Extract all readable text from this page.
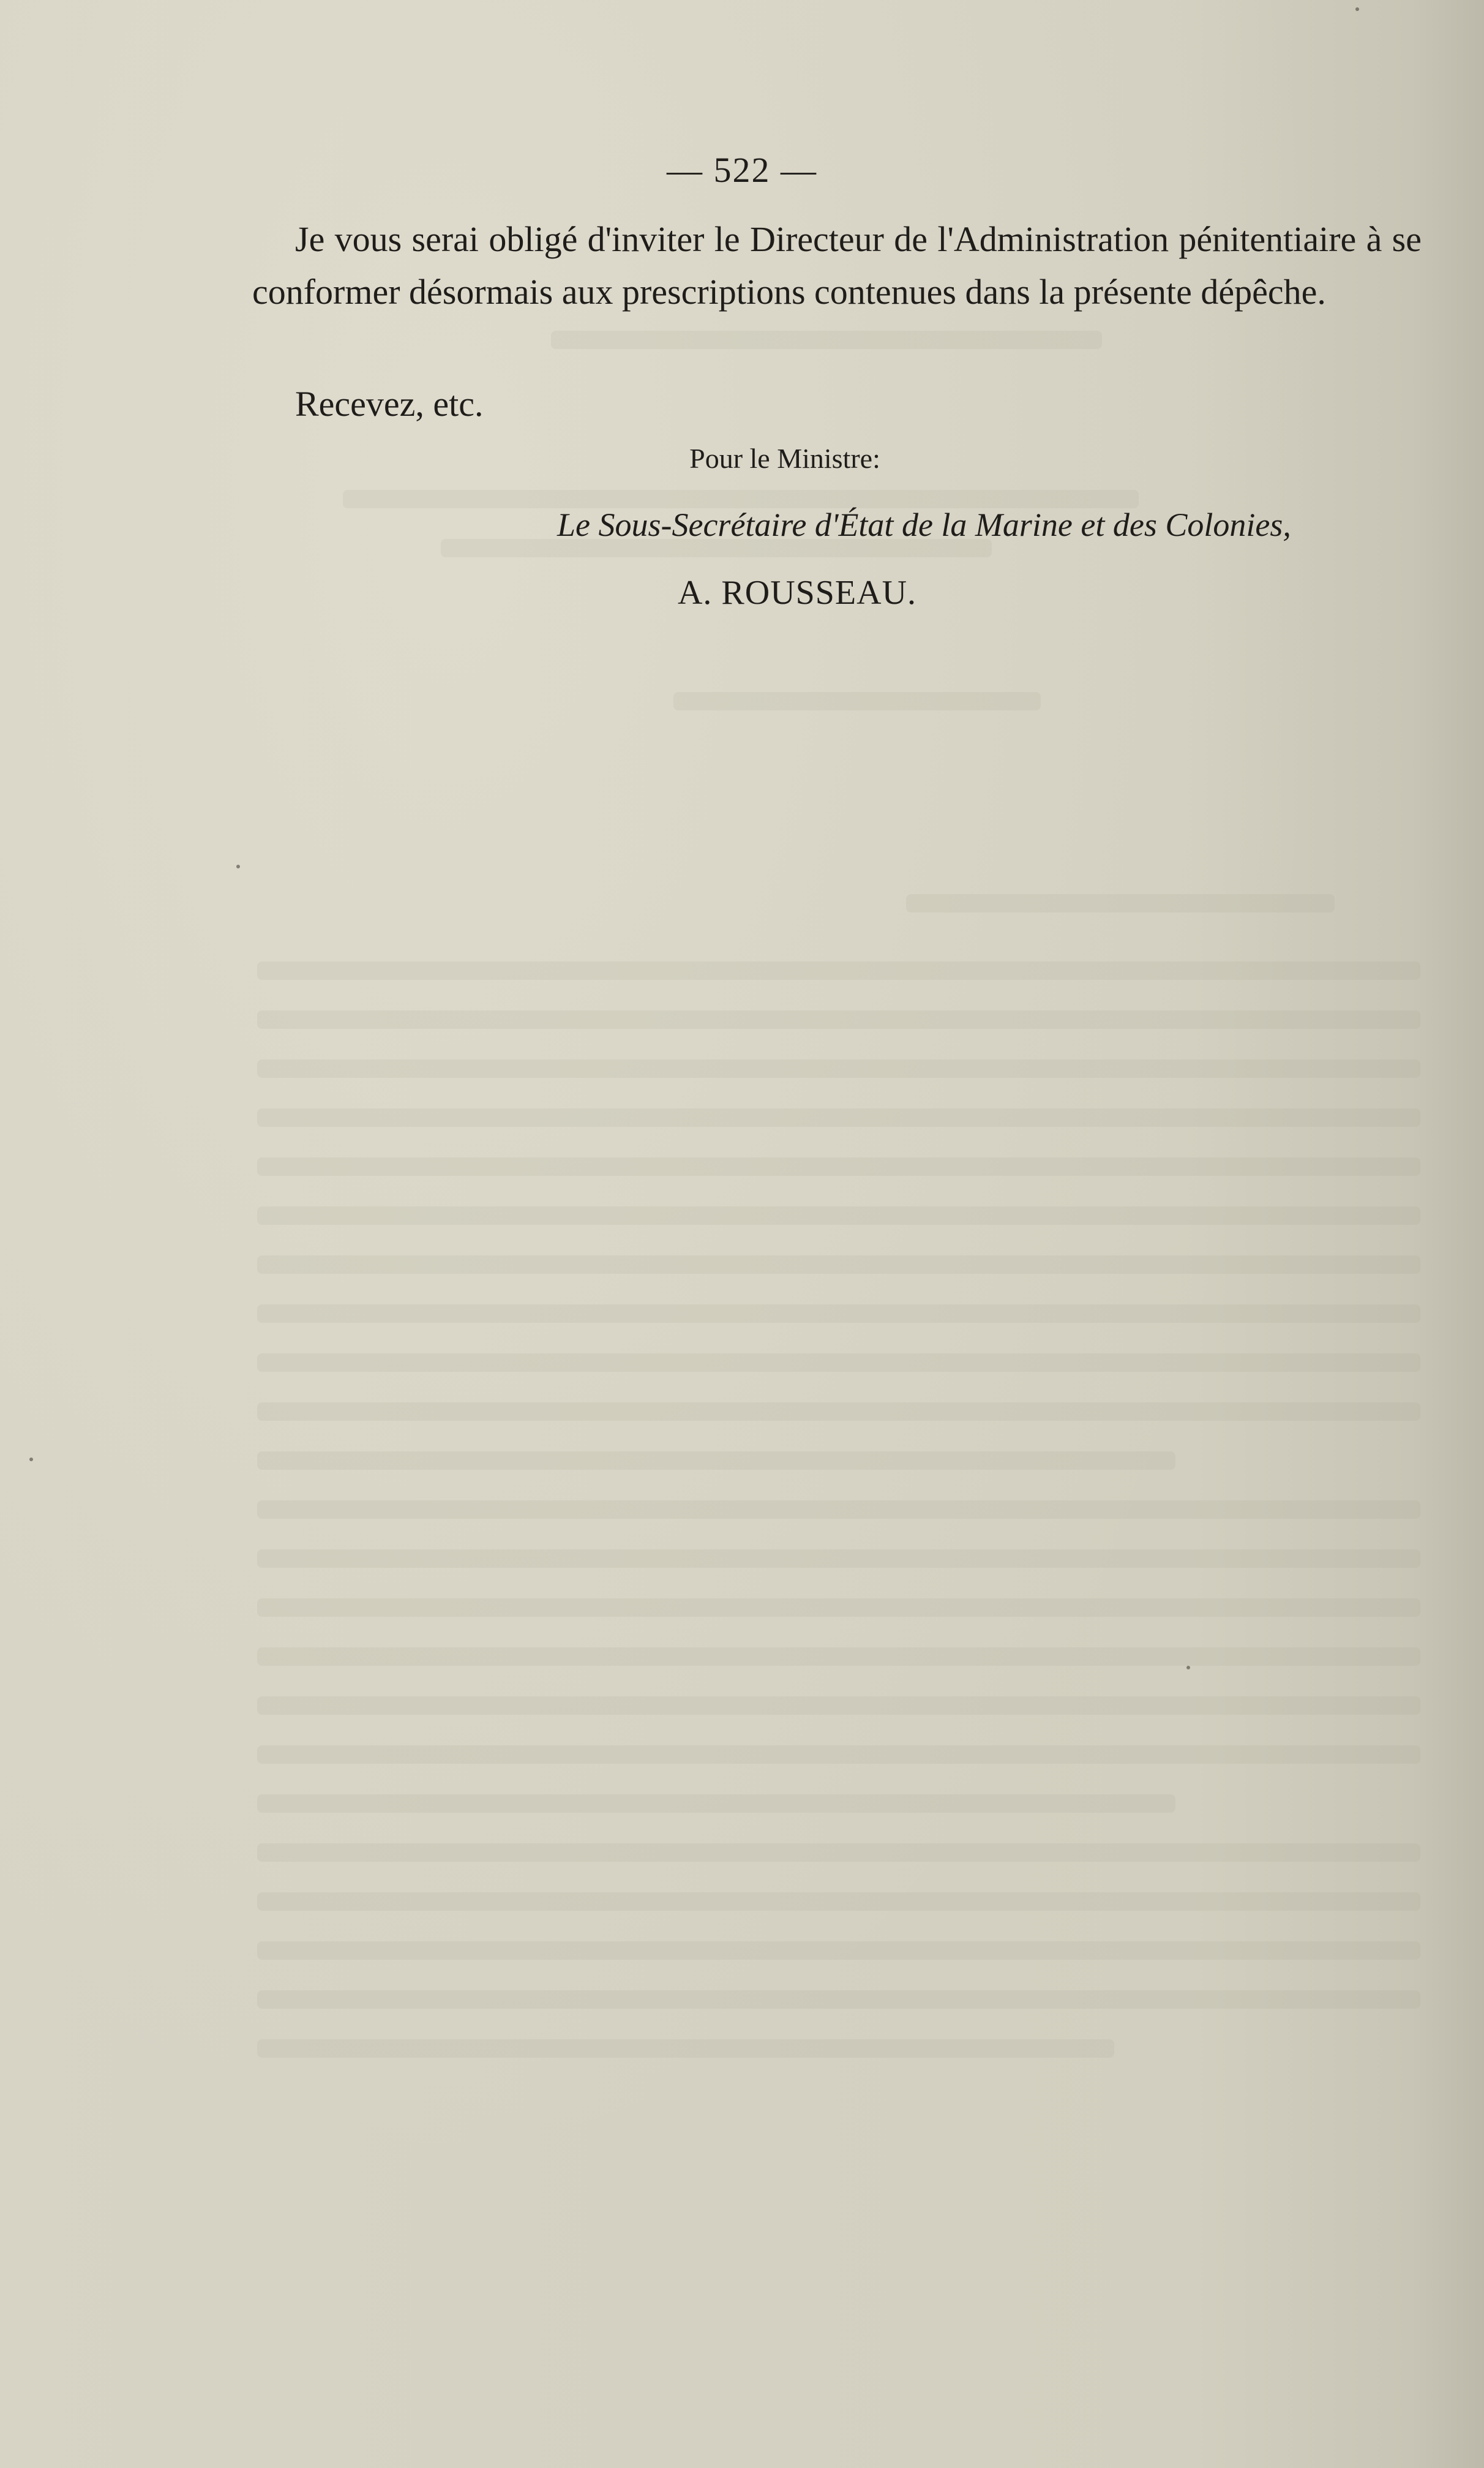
— 522 —

Je vous serai obligé d'inviter le Directeur de l'Administration pénitentiaire à se conformer désormais aux prescriptions contenues dans la présente dépêche.

Recevez, etc.
Pour le Ministre:
Le Sous-Secrétaire d'État de la Marine et des Colonies,
A. ROUSSEAU.
